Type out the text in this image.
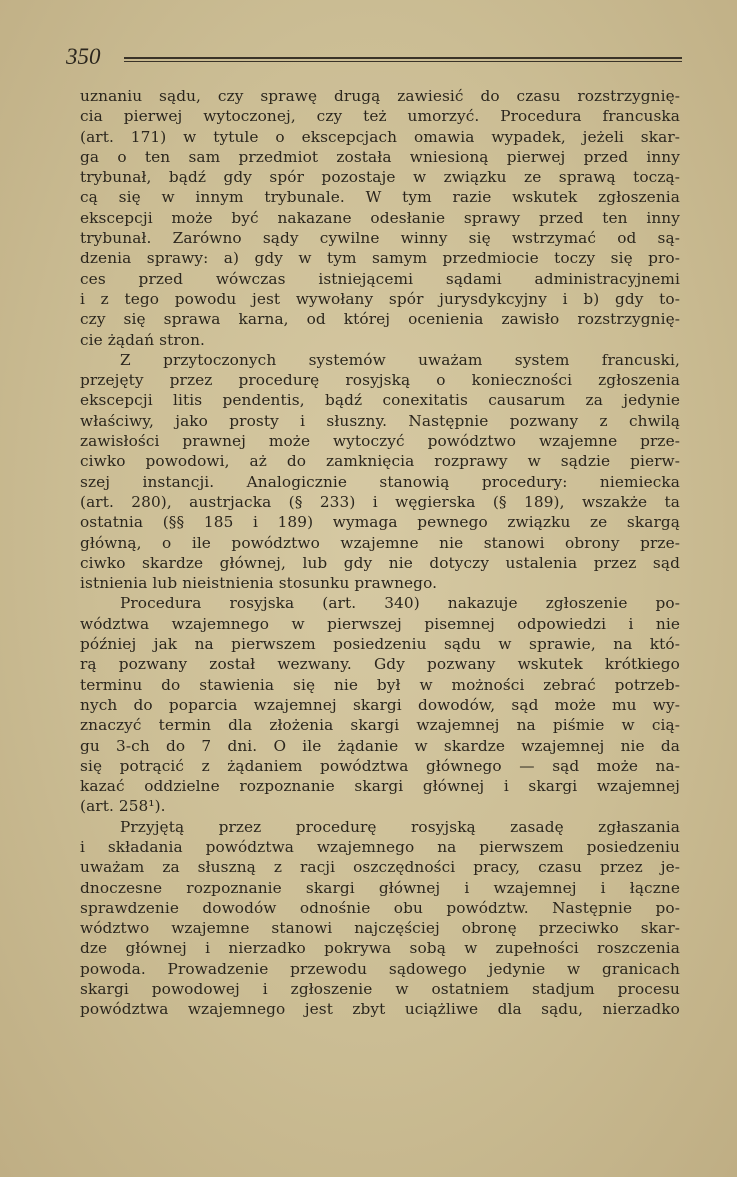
350
uznaniu sądu, czy sprawę drugą zawiesić do czasu rozstrzygnię-
cia pierwej wytoczonej, czy też umorzyć. Procedura francuska
(art. 171) w tytule o ekscepcjach omawia wypadek, jeżeli skar-
ga o ten sam przedmiot została wniesioną pierwej przed inny
trybunał, bądź gdy spór pozostaje w związku ze sprawą toczą-
cą się w innym trybunale. W tym razie wskutek zgłoszenia
ekscepcji może być nakazane odesłanie sprawy przed ten inny
trybunał. Zarówno sądy cywilne winny się wstrzymać od są-
dzenia sprawy: a) gdy w tym samym przedmiocie toczy się pro-
ces przed wówczas istniejącemi sądami administracyjnemi
i z tego powodu jest wywołany spór jurysdykcyjny i b) gdy to-
czy się sprawa karna, od której ocenienia zawisło rozstrzygnię-
cie żądań stron.
Z przytoczonych systemów uważam system francuski,
przejęty przez procedurę rosyjską o konieczności zgłoszenia
ekscepcji litis pendentis, bądź conexitatis causarum za jedynie
właściwy, jako prosty i słuszny. Następnie pozwany z chwilą
zawisłości prawnej może wytoczyć powództwo wzajemne prze-
ciwko powodowi, aż do zamknięcia rozprawy w sądzie pierw-
szej instancji. Analogicznie stanowią procedury: niemiecka
(art. 280), austrjacka (§ 233) i węgierska (§ 189), wszakże ta
ostatnia (§§ 185 i 189) wymaga pewnego związku ze skargą
główną, o ile powództwo wzajemne nie stanowi obrony prze-
ciwko skardze głównej, lub gdy nie dotyczy ustalenia przez sąd
istnienia lub nieistnienia stosunku prawnego.
Procedura rosyjska (art. 340) nakazuje zgłoszenie po-
wództwa wzajemnego w pierwszej pisemnej odpowiedzi i nie
później jak na pierwszem posiedzeniu sądu w sprawie, na któ-
rą pozwany został wezwany. Gdy pozwany wskutek krótkiego
terminu do stawienia się nie był w możności zebrać potrzeb-
nych do poparcia wzajemnej skargi dowodów, sąd może mu wy-
znaczyć termin dla złożenia skargi wzajemnej na piśmie w cią-
gu 3-ch do 7 dni. O ile żądanie w skardze wzajemnej nie da
się potrącić z żądaniem powództwa głównego — sąd może na-
kazać oddzielne rozpoznanie skargi głównej i skargi wzajemnej
(art. 258¹).
Przyjętą przez procedurę rosyjską zasadę zgłaszania
i składania powództwa wzajemnego na pierwszem posiedzeniu
uważam za słuszną z racji oszczędności pracy, czasu przez je-
dnoczesne rozpoznanie skargi głównej i wzajemnej i łączne
sprawdzenie dowodów odnośnie obu powództw. Następnie po-
wództwo wzajemne stanowi najczęściej obronę przeciwko skar-
dze głównej i nierzadko pokrywa sobą w zupełności roszczenia
powoda. Prowadzenie przewodu sądowego jedynie w granicach
skargi powodowej i zgłoszenie w ostatniem stadjum procesu
powództwa wzajemnego jest zbyt uciążliwe dla sądu, nierzadko
